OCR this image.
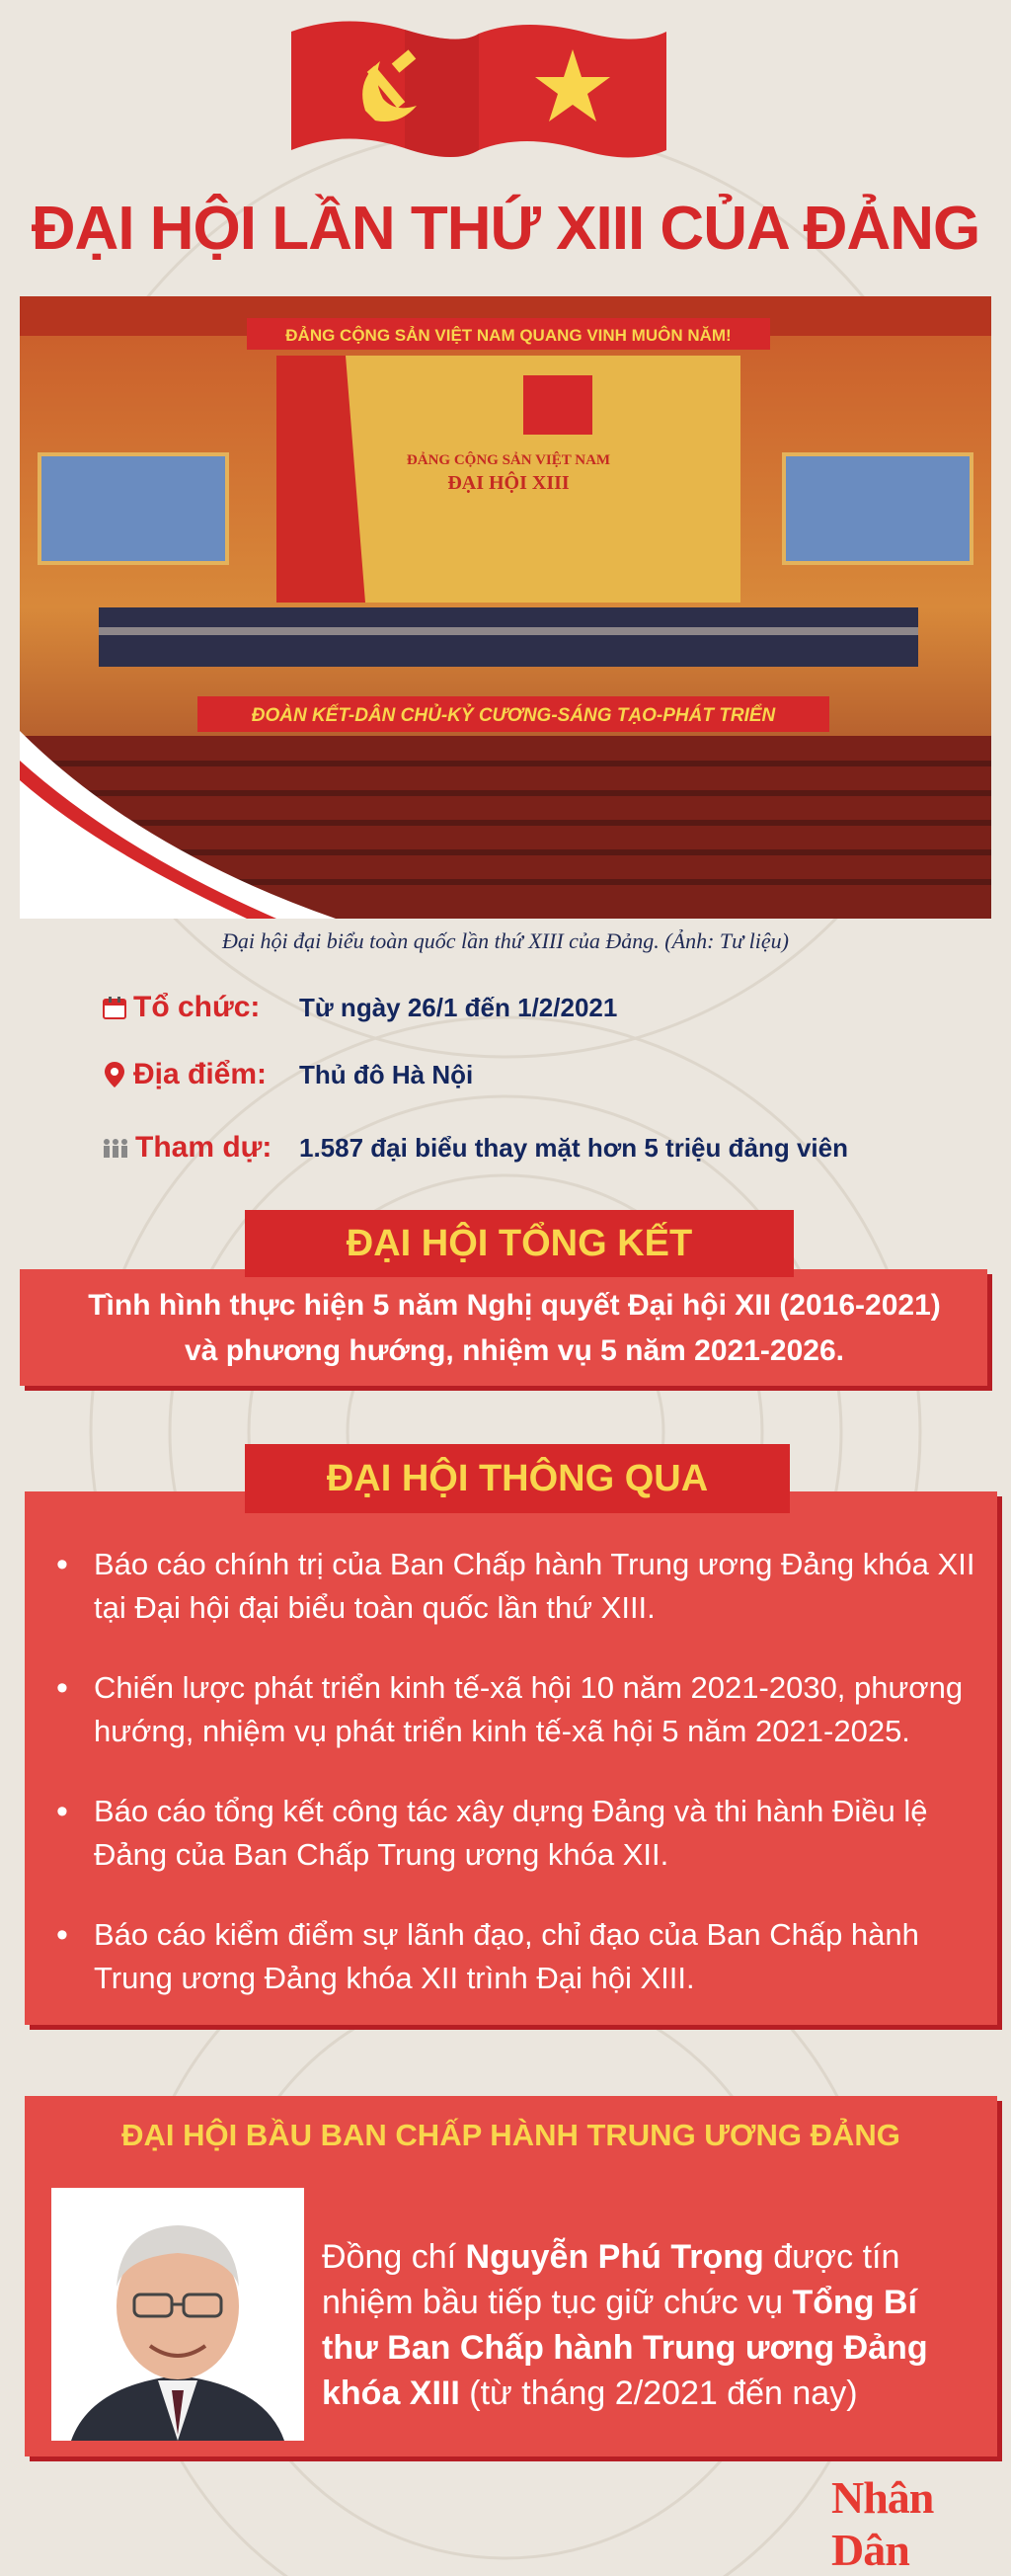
ĐẠI HỘI LẦN THỨ XIII CỦA ĐẢNG
ĐẢNG CỘNG SẢN VIỆT NAM QUANG VINH MUÔN NĂM!
ĐẢNG CỘNG SẢN VIỆT NAM
ĐẠI HỘI XIII
ĐOÀN KẾT-DÂN CHỦ-KỶ CƯƠNG-SÁNG TẠO-PHÁT TRIỂN
Đại hội đại biểu toàn quốc lần thứ XIII của Đảng. (Ảnh: Tư liệu)
Tổ chức: Từ ngày 26/1 đến 1/2/2021
Địa điểm: Thủ đô Hà Nội
Tham dự: 1.587 đại biểu thay mặt hơn 5 triệu đảng viên
Tình hình thực hiện 5 năm Nghị quyết Đại hội XII (2016-2021)
và phương hướng, nhiệm vụ 5 năm 2021-2026.
ĐẠI HỘI TỔNG KẾT
• Báo cáo chính trị của Ban Chấp hành Trung ương Đảng khóa XII tại Đại hội đại biểu toàn quốc lần thứ XIII.
• Chiến lược phát triển kinh tế-xã hội 10 năm 2021-2030, phương hướng, nhiệm vụ phát triển kinh tế-xã hội 5 năm 2021-2025.
• Báo cáo tổng kết công tác xây dựng Đảng và thi hành Điều lệ Đảng của Ban Chấp Trung ương khóa XII.
• Báo cáo kiểm điểm sự lãnh đạo, chỉ đạo của Ban Chấp hành Trung ương Đảng khóa XII trình Đại hội XIII.
ĐẠI HỘI THÔNG QUA
ĐẠI HỘI BẦU BAN CHẤP HÀNH TRUNG ƯƠNG ĐẢNG
Đồng chí Nguyễn Phú Trọng được tín nhiệm bầu tiếp tục giữ chức vụ Tổng Bí thư Ban Chấp hành Trung ương Đảng khóa XIII (từ tháng 2/2021 đến nay)
Nhân Dân
